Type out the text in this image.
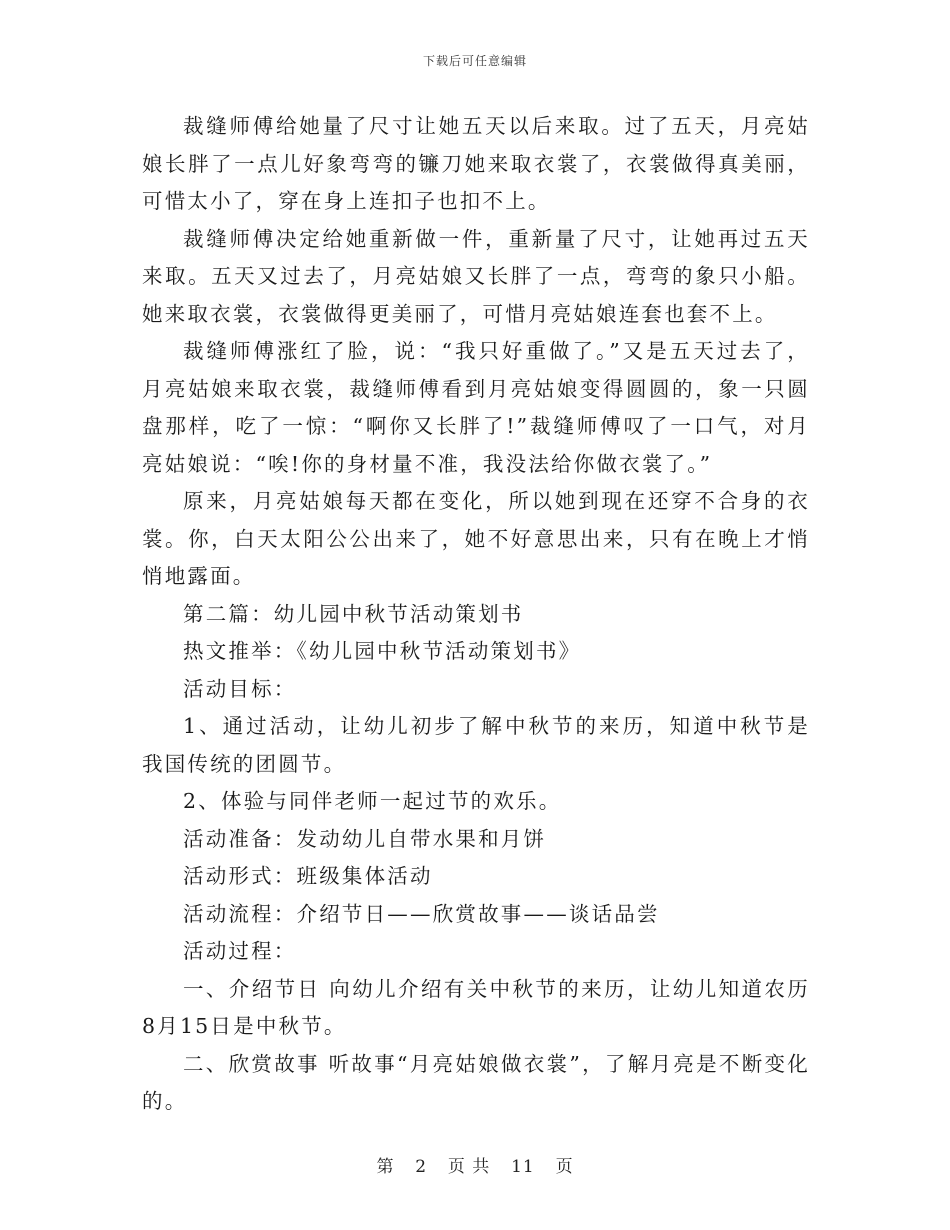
下载后可任意编辑

裁缝师傅给她量了尺寸让她五天以后来取。过了五天，月亮姑娘长胖了一点儿好象弯弯的镰刀她来取衣裳了，衣裳做得真美丽，可惜太小了，穿在身上连扣子也扣不上。

裁缝师傅决定给她重新做一件，重新量了尺寸，让她再过五天来取。五天又过去了，月亮姑娘又长胖了一点，弯弯的象只小船。她来取衣裳，衣裳做得更美丽了，可惜月亮姑娘连套也套不上。

裁缝师傅涨红了脸，说：“我只好重做了。”又是五天过去了，月亮姑娘来取衣裳，裁缝师傅看到月亮姑娘变得圆圆的，象一只圆盘那样，吃了一惊：“啊你又长胖了!”裁缝师傅叹了一口气，对月亮姑娘说：“唉!你的身材量不准，我没法给你做衣裳了。”

原来，月亮姑娘每天都在变化，所以她到现在还穿不合身的衣裳。你，白天太阳公公出来了，她不好意思出来，只有在晚上才悄悄地露面。

第二篇：幼儿园中秋节活动策划书

热文推举：《幼儿园中秋节活动策划书》

活动目标：

1、通过活动，让幼儿初步了解中秋节的来历，知道中秋节是我国传统的团圆节。

2、体验与同伴老师一起过节的欢乐。

活动准备：发动幼儿自带水果和月饼

活动形式：班级集体活动

活动流程：介绍节日——欣赏故事——谈话品尝

活动过程：

一、介绍节日 向幼儿介绍有关中秋节的来历，让幼儿知道农历8月15日是中秋节。

二、欣赏故事 听故事“月亮姑娘做衣裳”，了解月亮是不断变化的。

第 2 页 共 11 页
